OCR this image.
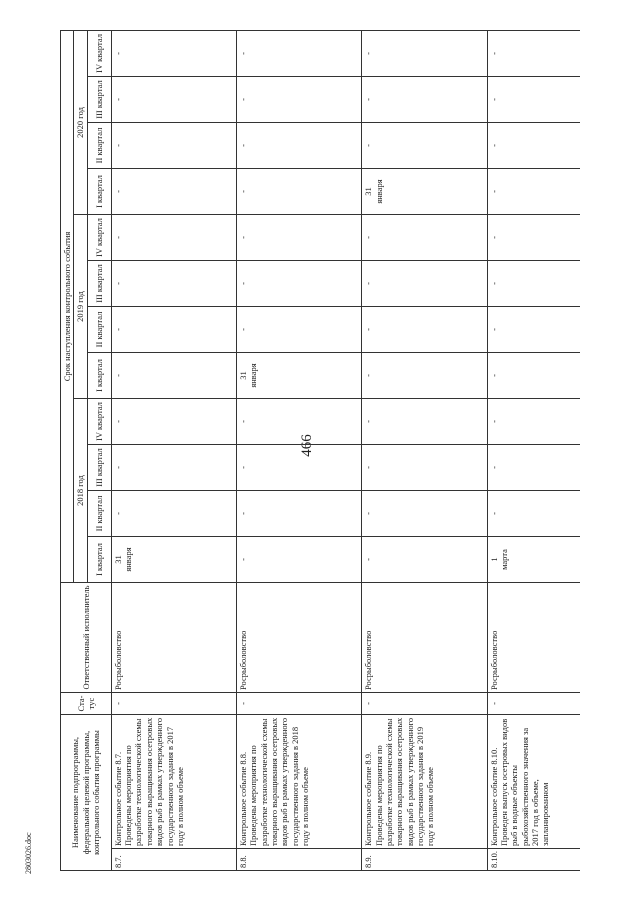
466
Наименование подпрограммы, федеральной целевой программы, контрольного события программы		Ста-тус	Ответственный исполнитель	Срок наступления контрольного события											
				2018 год				2019 год				2020 год			
				I квартал	II квартал	III квартал	IV квартал	I квартал	II квартал	III квартал	IV квартал	I квартал	II квартал	III квартал	IV квартал
8.7.	Контрольное событие 8.7. Проведены мероприятия по разработке технологической схемы товарного выращивания осетровых видов рыб в рамках утвержденного государственного задания в 2017 году в полном объеме	-	Росрыболовство	31 января	-	-	-	-	-	-	-	-	-	-	-
8.8.	Контрольное событие 8.8. Проведены мероприятия по разработке технологической схемы товарного выращивания осетровых видов рыб в рамках утвержденного государственного задания в 2018 году в полном объеме	-	Росрыболовство	-	-	-	-	31 января	-	-	-	-	-	-	-
8.9.	Контрольное событие 8.9. Проведены мероприятия по разработке технологической схемы товарного выращивания осетровых видов рыб в рамках утвержденного государственного задания в 2019 году в полном объеме	-	Росрыболовство	-	-	-	-	-	-	-	-	31 января	-	-	-
8.10.	Контрольное событие 8.10. Проведен выпуск осетровых видов рыб в водные объекты рыбохозяйственного значения за 2017 год в объеме, запланированном	-	Росрыболовство	1 марта	-	-	-	-	-	-	-	-	-	-	-
2803026.doc
